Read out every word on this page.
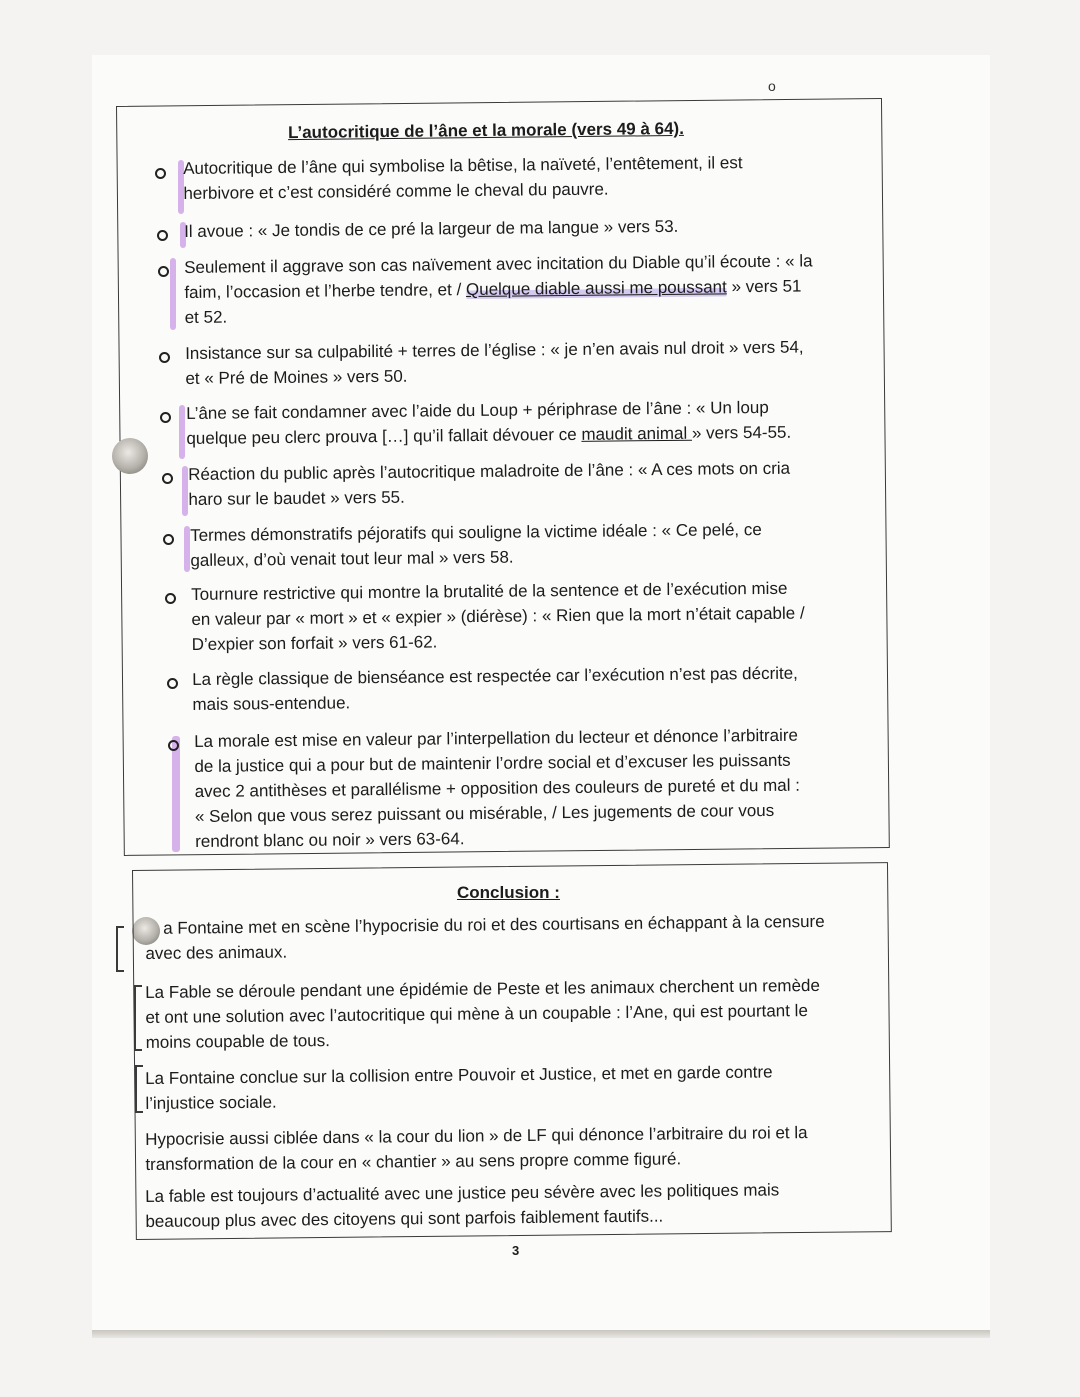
o
L’autocritique de l’âne et la morale (vers 49 à 64).
Autocritique de l’âne qui symbolise la bêtise, la naïveté, l’entêtement, il est
herbivore et c’est considéré comme le cheval du pauvre.
Il avoue : « Je tondis de ce pré la largeur de ma langue » vers 53.
Seulement il aggrave son cas naïvement avec incitation du Diable qu’il écoute : « la
faim, l’occasion et l’herbe tendre, et / Quelque diable aussi me poussant » vers 51
et 52.
Insistance sur sa culpabilité + terres de l’église : « je n’en avais nul droit » vers 54,
et « Pré de Moines » vers 50.
L’âne se fait condamner avec l’aide du Loup + périphrase de l’âne : « Un loup
quelque peu clerc prouva […] qu’il fallait dévouer ce maudit animal » vers 54-55.
Réaction du public après l’autocritique maladroite de l’âne : « A ces mots on cria
haro sur le baudet » vers 55.
Termes démonstratifs péjoratifs qui souligne la victime idéale : « Ce pelé, ce
galleux, d’où venait tout leur mal » vers 58.
Tournure restrictive qui montre la brutalité de la sentence et de l’exécution mise
en valeur par « mort » et « expier » (diérèse) : « Rien que la mort n’était capable /
D’expier son forfait » vers 61-62.
La règle classique de bienséance est respectée car l’exécution n’est pas décrite,
mais sous-entendue.
La morale est mise en valeur par l’interpellation du lecteur et dénonce l’arbitraire
de la justice qui a pour but de maintenir l’ordre social et d’excuser les puissants
avec 2 antithèses et parallélisme + opposition des couleurs de pureté et du mal :
« Selon que vous serez puissant ou misérable, / Les jugements de cour vous
rendront blanc ou noir » vers 63-64.
Conclusion :
a Fontaine met en scène l’hypocrisie du roi et des courtisans en échappant à la censure
avec des animaux.
La Fable se déroule pendant une épidémie de Peste et les animaux cherchent un remède
et ont une solution avec l’autocritique qui mène à un coupable : l’Ane, qui est pourtant le
moins coupable de tous.
La Fontaine conclue sur la collision entre Pouvoir et Justice, et met en garde contre
l’injustice sociale.
Hypocrisie aussi ciblée dans « la cour du lion » de LF qui dénonce l’arbitraire du roi et la
transformation de la cour en « chantier » au sens propre comme figuré.
La fable est toujours d’actualité avec une justice peu sévère avec les politiques mais
beaucoup plus avec des citoyens qui sont parfois faiblement fautifs...
3
